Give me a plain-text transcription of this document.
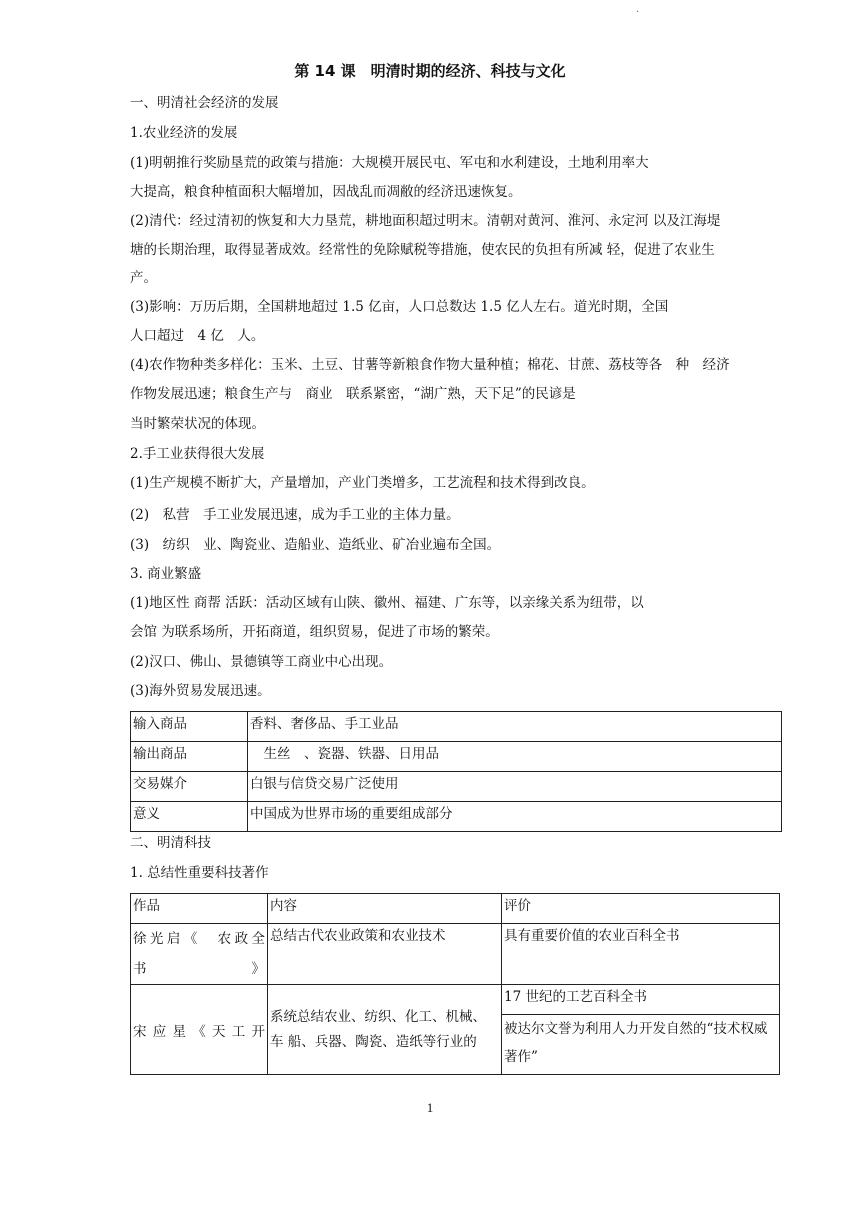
.
第 14 课　明清时期的经济、科技与文化
一、明清社会经济的发展
1.农业经济的发展
(1)明朝推行奖励垦荒的政策与措施：大规模开展民屯、军屯和水利建设，土地利用率大
大提高，粮食种植面积大幅增加，因战乱而凋敝的经济迅速恢复。
(2)清代：经过清初的恢复和大力垦荒，耕地面积超过明末。清朝对黄河、淮河、永定河 以及江海堤
塘的长期治理，取得显著成效。经常性的免除赋税等措施，使农民的负担有所减 轻，促进了农业生
产。
(3)影响：万历后期，全国耕地超过 1.5 亿亩，人口总数达 1.5 亿人左右。道光时期，全国
人口超过　4 亿　人。
(4)农作物种类多样化：玉米、土豆、甘薯等新粮食作物大量种植；棉花、甘蔗、荔枝等各　种　经济
作物发展迅速；粮食生产与　商业　联系紧密，“湖广熟，天下足”的民谚是
当时繁荣状况的体现。
2.手工业获得很大发展
(1)生产规模不断扩大，产量增加，产业门类增多，工艺流程和技术得到改良。
(2)　私营　手工业发展迅速，成为手工业的主体力量。
(3)　纺织　业、陶瓷业、造船业、造纸业、矿冶业遍布全国。
3. 商业繁盛
(1)地区性 商帮 活跃：活动区域有山陕、徽州、福建、广东等，以亲缘关系为纽带，以
会馆 为联系场所，开拓商道，组织贸易，促进了市场的繁荣。
(2)汉口、佛山、景德镇等工商业中心出现。
(3)海外贸易发展迅速。
输入商品	香料、奢侈品、手工业品
输出商品	　生丝　、瓷器、铁器、日用品
交易媒介	白银与信贷交易广泛使用
意义	中国成为世界市场的重要组成部分
二、明清科技
1. 总结性重要科技著作
作品	内容	评价
徐光启《　农政全书　》	总结古代农业政策和农业技术	具有重要价值的农业百科全书
宋应星《天工开	系统总结农业、纺织、化工、机械、车 船、兵器、陶瓷、造纸等行业的	17 世纪的工艺百科全书
		被达尔文誉为利用人力开发自然的“技术权威著作”
1
